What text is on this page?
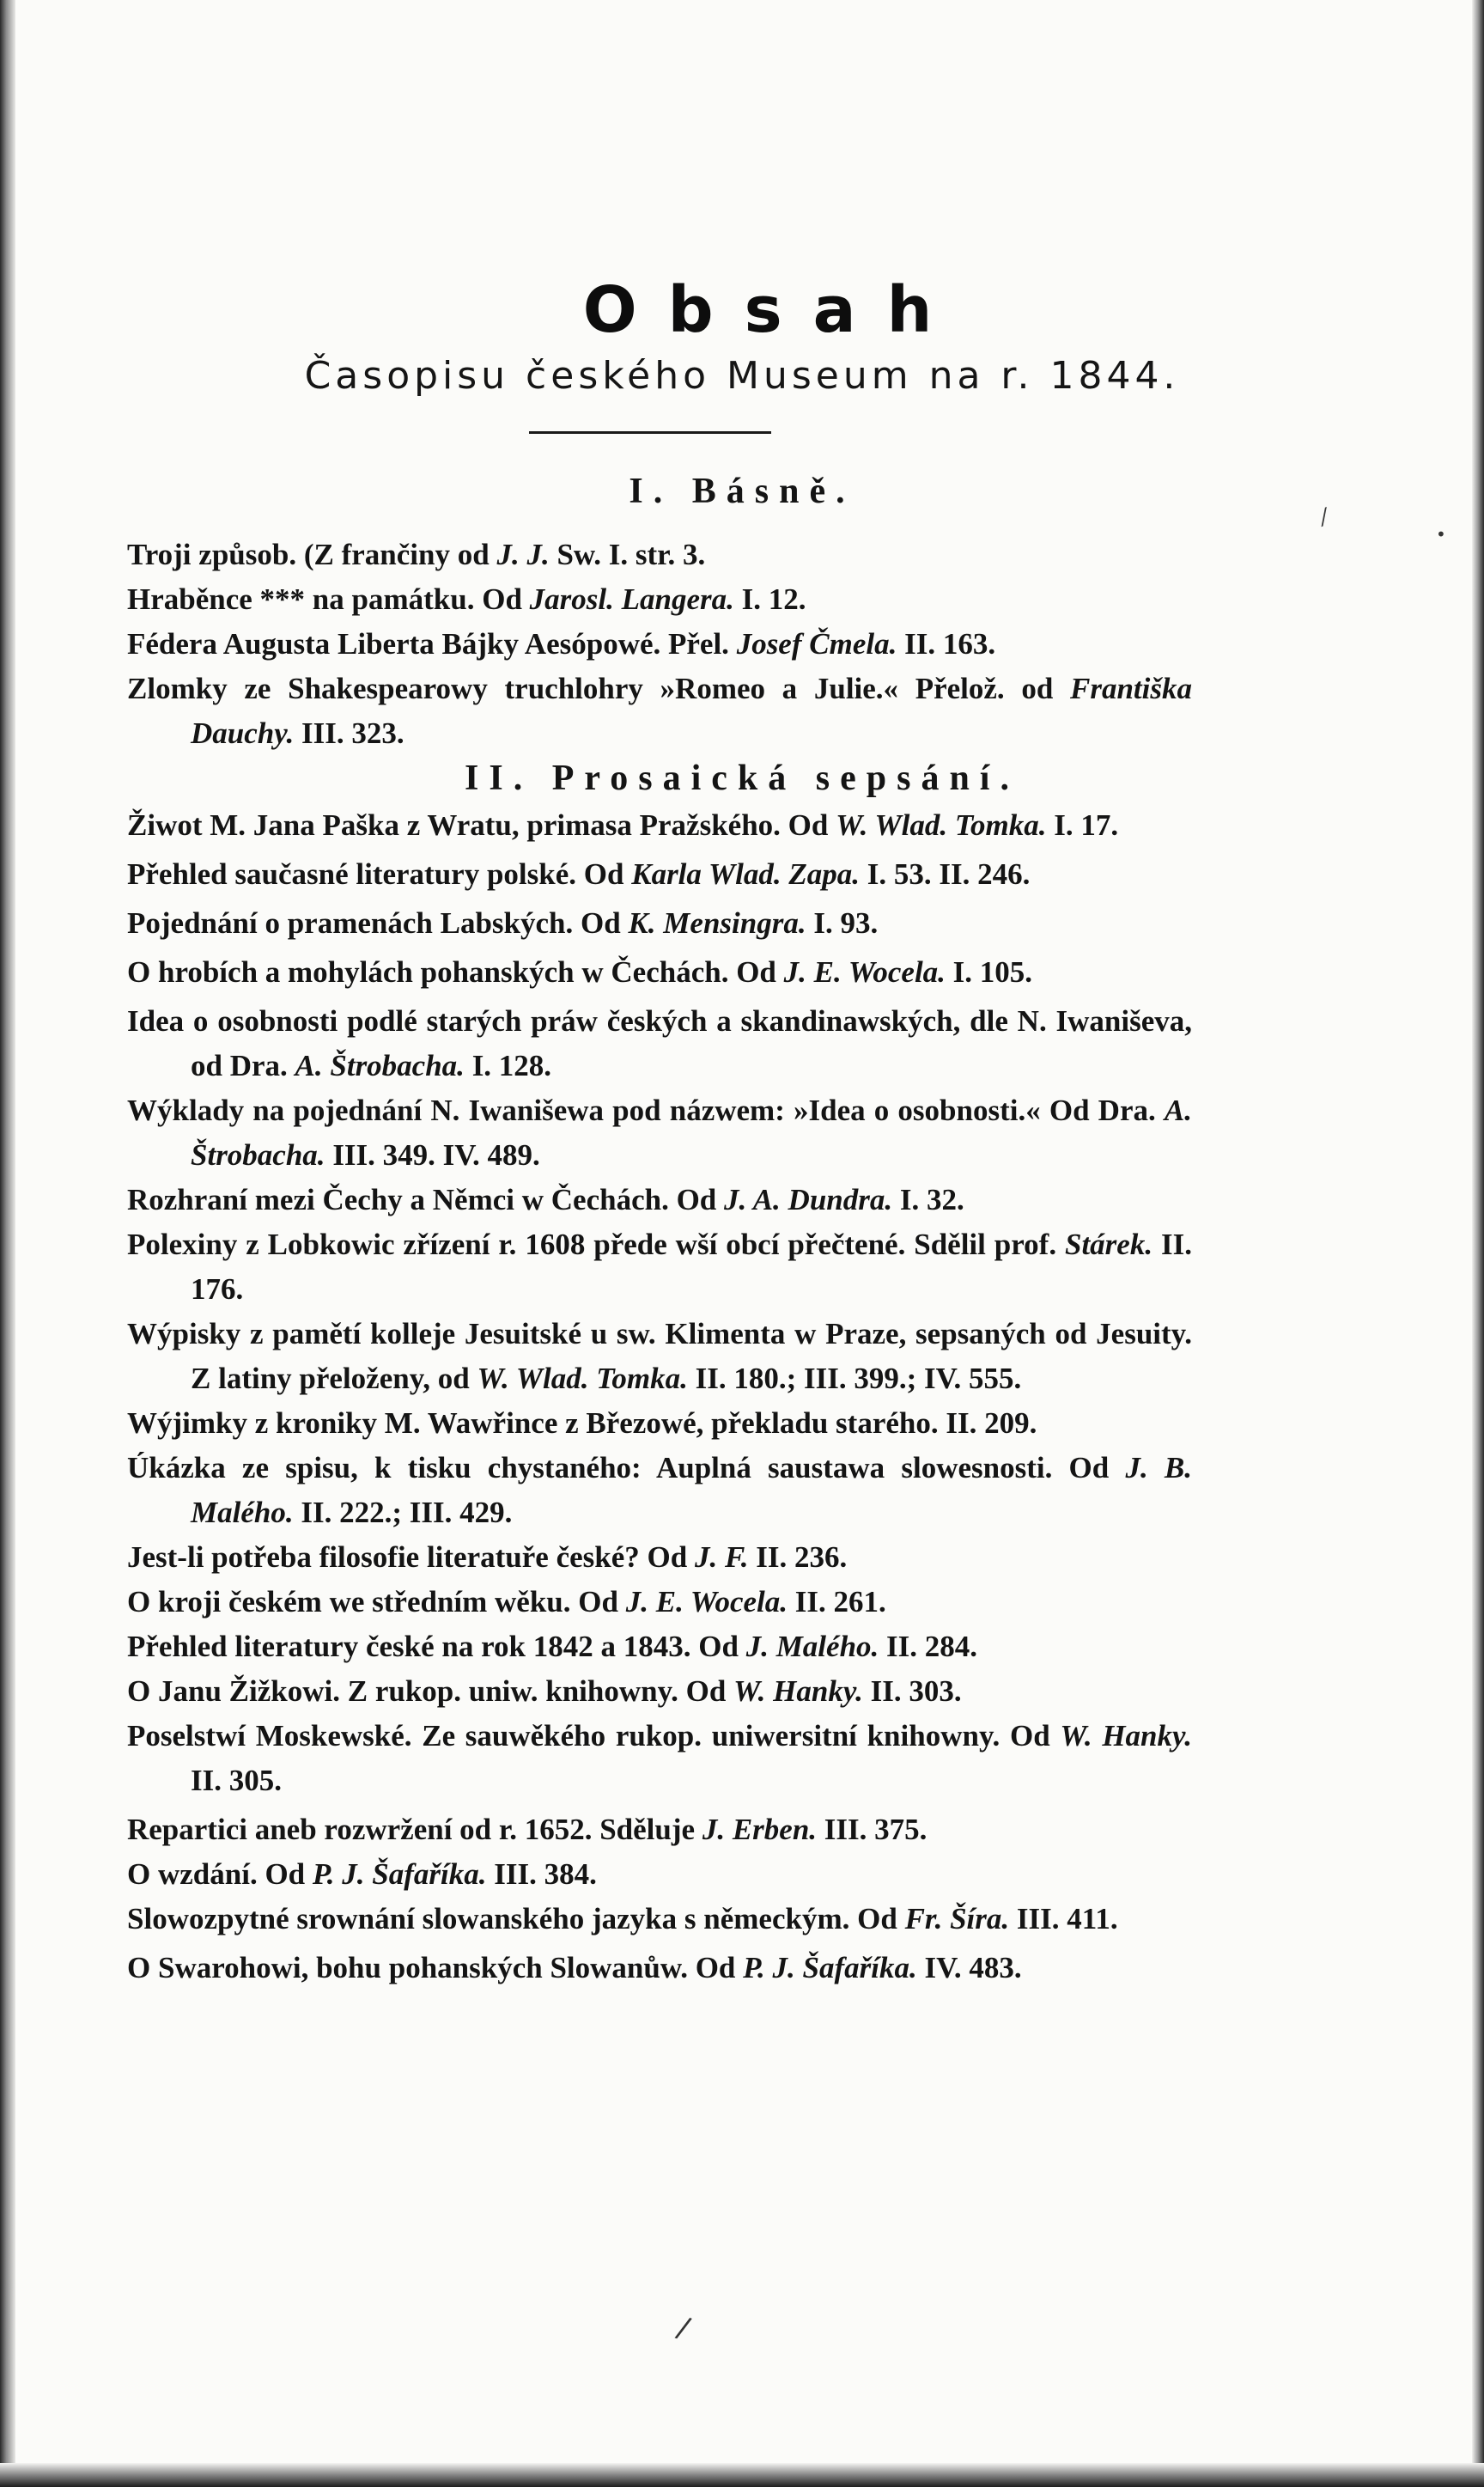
Obsah
Časopisu českého Museum na r. 1844.
I. Básně.

Troji způsob. (Z frančiny od J. J. Sw. I. str. 3.

Hraběnce *** na památku. Od Jarosl. Langera. I. 12.

Fédera Augusta Liberta Bájky Aesópowé. Přel. Josef Čmela. II. 163.

Zlomky ze Shakespearowy truchlohry »Romeo a Julie.« Přelož. od Františka Dauchy. III. 323.

II. Prosaická sepsání.

Žiwot M. Jana Paška z Wratu, primasa Pražského. Od W. Wlad. Tomka. I. 17.

Přehled saučasné literatury polské. Od Karla Wlad. Zapa. I. 53. II. 246.

Pojednání o pramenách Labských. Od K. Mensingra. I. 93.

O hrobích a mohylách pohanských w Čechách. Od J. E. Wocela. I. 105.

Idea o osobnosti podlé starých práw českých a skandinawských, dle N. Iwaniševa, od Dra. A. Štrobacha. I. 128.

Wýklady na pojednání N. Iwanišewa pod názwem: »Idea o osobnosti.« Od Dra. A. Štrobacha. III. 349. IV. 489.

Rozhraní mezi Čechy a Němci w Čechách. Od J. A. Dundra. I. 32.

Polexiny z Lobkowic zřízení r. 1608 přede wší obcí přečtené. Sdělil prof. Stárek. II. 176.

Wýpisky z pamětí kolleje Jesuitské u sw. Klimenta w Praze, sepsaných od Jesuity. Z latiny přeloženy, od W. Wlad. Tomka. II. 180.; III. 399.; IV. 555.

Wýjimky z kroniky M. Wawřince z Březowé, překladu starého. II. 209.

Úkázka ze spisu, k tisku chystaného: Auplná saustawa slowesnosti. Od J. B. Malého. II. 222.; III. 429.

Jest-li potřeba filosofie literatuře české? Od J. F. II. 236.

O kroji českém we středním wěku. Od J. E. Wocela. II. 261.

Přehled literatury české na rok 1842 a 1843. Od J. Malého. II. 284.

O Janu Žižkowi. Z rukop. uniw. knihowny. Od W. Hanky. II. 303.

Poselstwí Moskewské. Ze sauwěkého rukop. uniwersitní knihowny. Od W. Hanky. II. 305.

Repartici aneb rozwržení od r. 1652. Sděluje J. Erben. III. 375.

O wzdání. Od P. J. Šafaříka. III. 384.

Slowozpytné srownání slowanského jazyka s německým. Od Fr. Šíra. III. 411.

O Swarohowi, bohu pohanských Slowanůw. Od P. J. Šafaříka. IV. 483.

•
⁄
/
